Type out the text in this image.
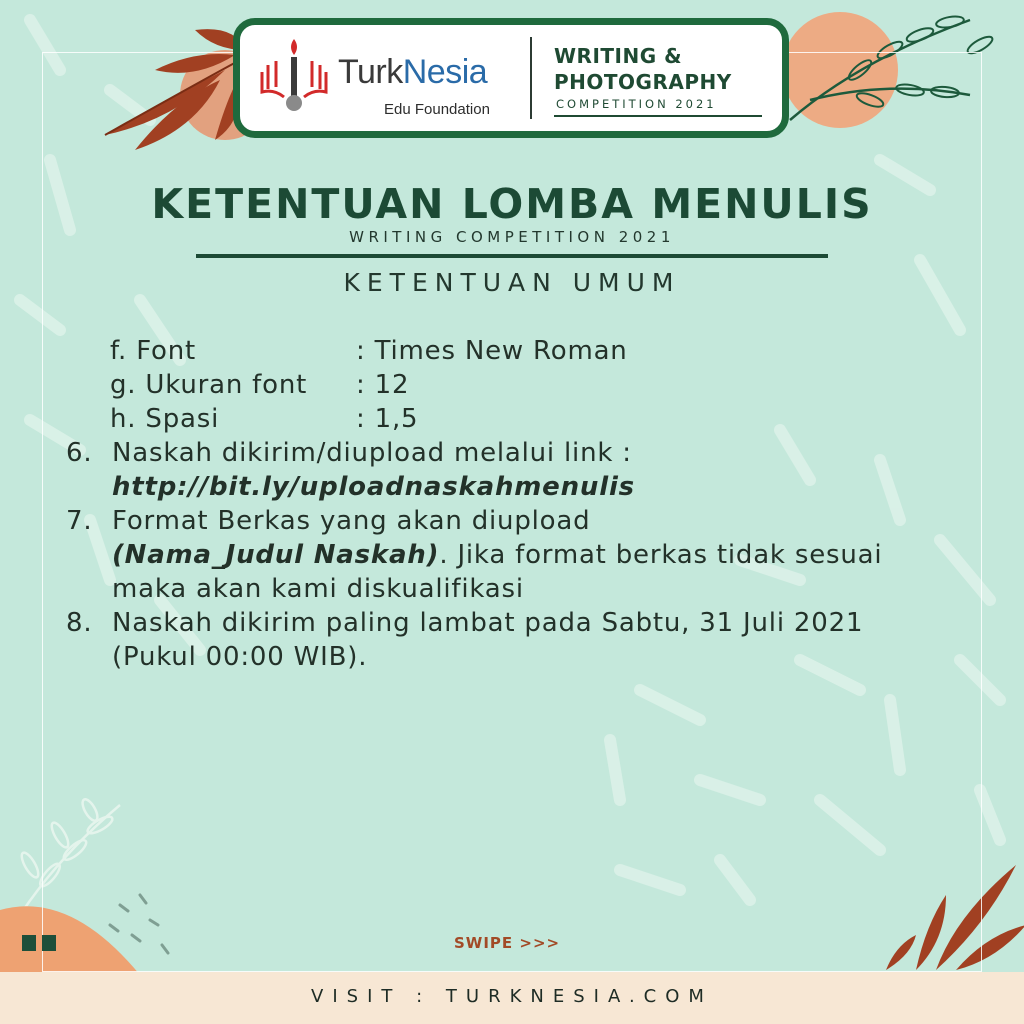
TurkNesia
Edu Foundation
WRITING &
PHOTOGRAPHY
COMPETITION 2021
KETENTUAN LOMBA MENULIS
WRITING COMPETITION 2021
KETENTUAN UMUM
f. Font	: Times New Roman
g. Ukuran font : 12
h. Spasi	: 1,5
6. Naskah dikirim/diupload melalui link :
http://bit.ly/uploadnaskahmenulis
7. Format Berkas yang akan diupload
(Nama_Judul Naskah). Jika format berkas tidak sesuai
maka akan kami diskualifikasi
8. Naskah dikirim paling lambat pada Sabtu, 31 Juli 2021
(Pukul 00:00 WIB).
SWIPE >>>
VISIT : TURKNESIA.COM
